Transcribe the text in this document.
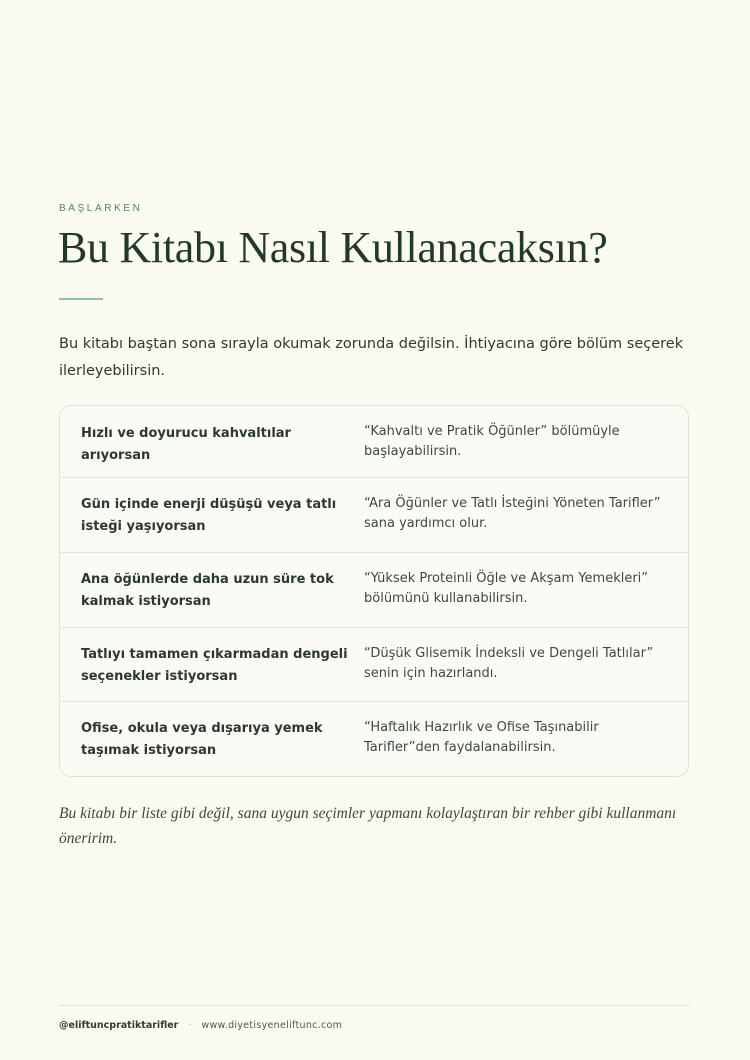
BAŞLARKEN
Bu Kitabı Nasıl Kullanacaksın?

Bu kitabı baştan sona sırayla okumak zorunda değilsin. İhtiyacına göre bölüm seçerek ilerleyebilirsin.

Hızlı ve doyurucu kahvaltılar arıyorsan
“Kahvaltı ve Pratik Öğünler” bölümüyle başlayabilirsin.
Gün içinde enerji düşüşü veya tatlı isteği yaşıyorsan
“Ara Öğünler ve Tatlı İsteğini Yöneten Tarifler” sana yardımcı olur.
Ana öğünlerde daha uzun süre tok kalmak istiyorsan
“Yüksek Proteinli Öğle ve Akşam Yemekleri” bölümünü kullanabilirsin.
Tatlıyı tamamen çıkarmadan dengeli seçenekler istiyorsan
“Düşük Glisemik İndeksli ve Dengeli Tatlılar” senin için hazırlandı.
Ofise, okula veya dışarıya yemek taşımak istiyorsan
“Haftalık Hazırlık ve Ofise Taşınabilir Tarifler”den faydalanabilirsin.

Bu kitabı bir liste gibi değil, sana uygun seçimler yapmanı kolaylaştıran bir rehber gibi kullanmanı öneririm.

@eliftuncpratiktarifler · www.diyetisyeneliftunc.com
